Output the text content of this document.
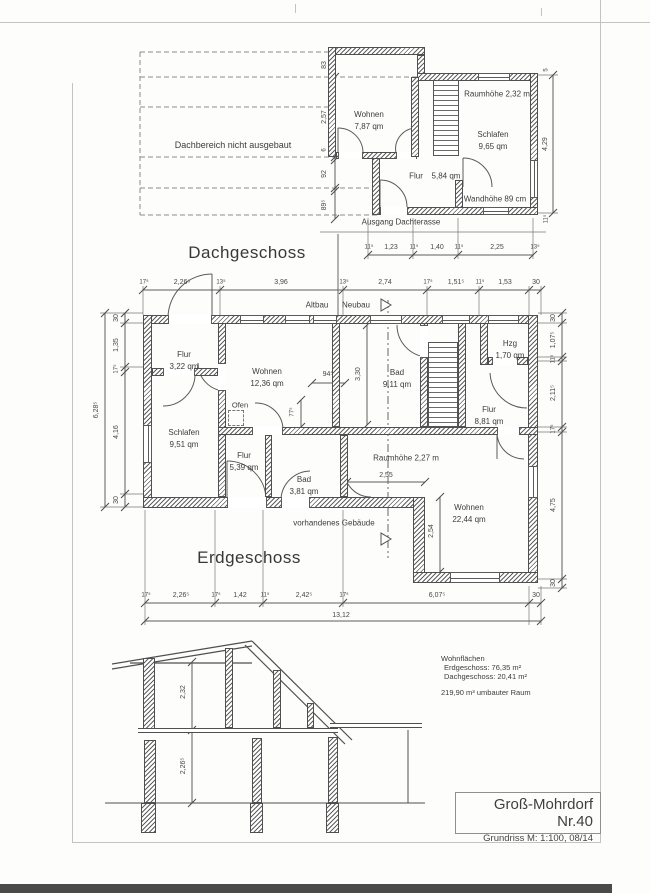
Dachbereich nicht ausgebaut
Wohnen
7,87 qm
Schlafen
9,65 qm
Flur 5,84 qm
Raumhöhe 2,32 m
Wandhöhe 89 cm
Ausgang Dachterasse
Dachgeschoss
83
2,57
6
92
89⁵
5
4,29
11⁵
11⁵ 1,23 11⁵ 1,40 11⁵	2,25	13⁵
17⁵	2,26⁵	13⁵	3,96	13⁵	2,74	17⁵ 1,51⁵ 11⁵ 1,53	30
Altbau Neubau
Flur
3,22 qm
Wohnen
12,36 qm
Ofen
Schlafen
9,51 qm
Bad
9,11 qm
Hzg
1,70 qm
Flur
8,81 qm
Flur
5,39 qm
Bad
3,81 qm
Wohnen
22,44 qm
Raumhöhe 2,27 m
vorhandenes Gebäude
Erdgeschoss
3,30
94⁵
77⁵
2,55
2,54
30
1,35
17⁵
4,16
30
6,28⁵
30
1,07⁵
11⁵
2,11⁵
17⁵
4,75
30
17⁵	2,26⁵	17⁵ 1,42 11⁵	2,42⁵	17⁵	6,07⁵	30
13,12
2,32
2,26⁵
Wohnflächen
Erdgeschoss: 76,35 m²
Dachgeschoss: 20,41 m²
219,90 m³ umbauter Raum
Groß-Mohrdorf Nr.40
Grundriss M: 1:100, 08/14
